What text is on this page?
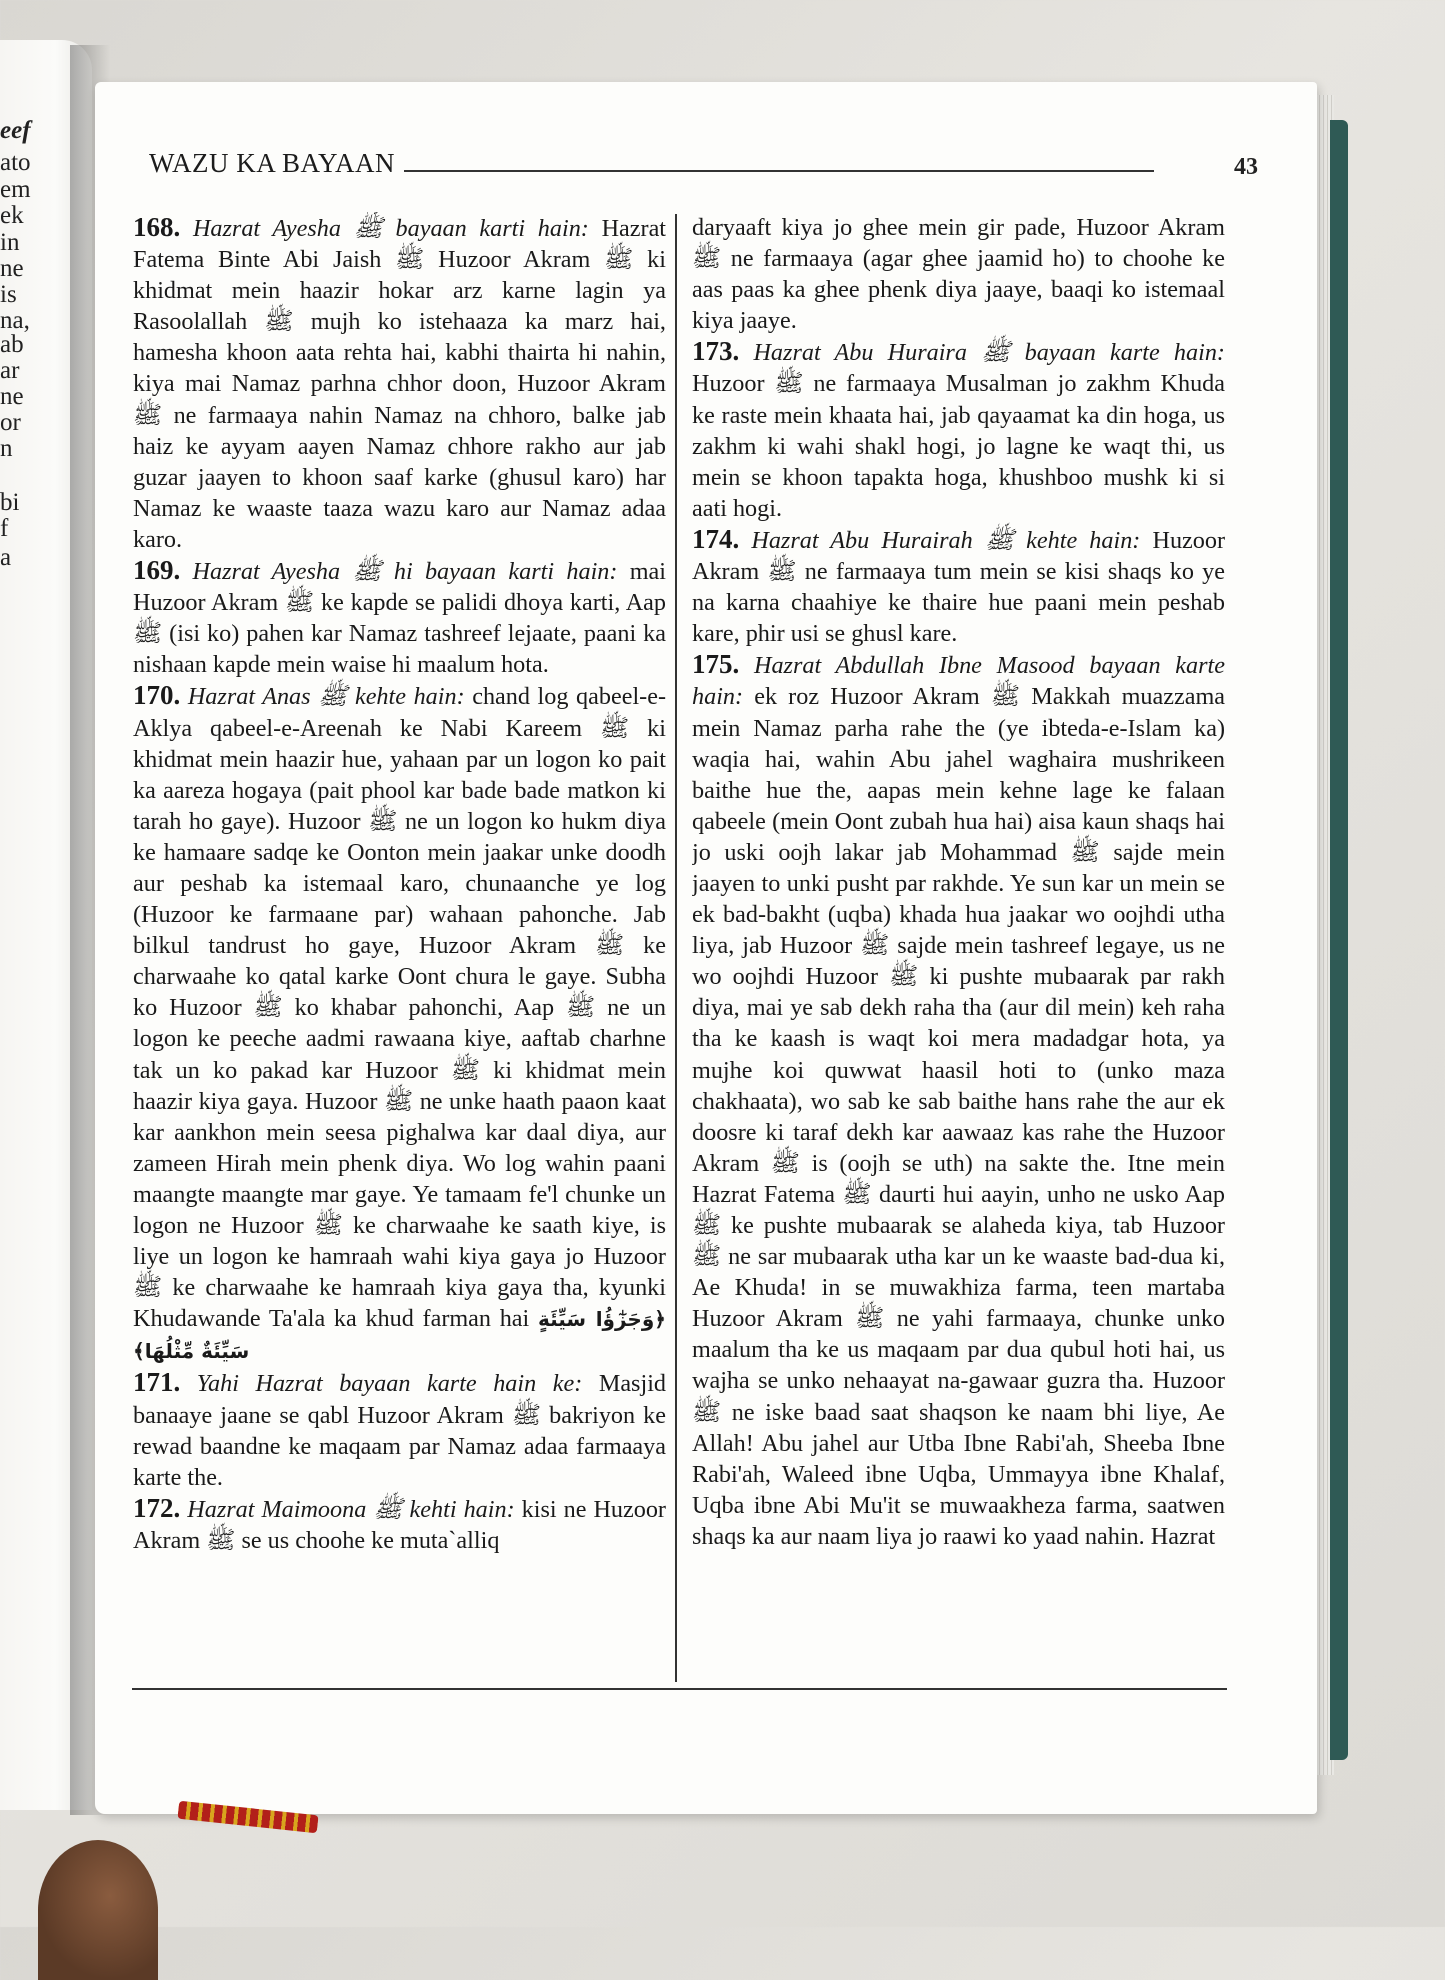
eef
ato
em
ek
in
ne
is
na,
ab
ar
ne
or
n
bi
f
a
WAZU KA BAYAAN	43

168. Hazrat Ayesha ﷺ bayaan karti hain: Hazrat Fatema Binte Abi Jaish ﷺ Huzoor Akram ﷺ ki khidmat mein haazir hokar arz karne lagin ya Rasoolallah ﷺ mujh ko istehaaza ka marz hai, hamesha khoon aata rehta hai, kabhi thairta hi nahin, kiya mai Namaz parhna chhor doon, Huzoor Akram ﷺ ne farmaaya nahin Namaz na chhoro, balke jab haiz ke ayyam aayen Namaz chhore rakho aur jab guzar jaayen to khoon saaf karke (ghusul karo) har Namaz ke waaste taaza wazu karo aur Namaz adaa karo.

169. Hazrat Ayesha ﷺ hi bayaan karti hain: mai Huzoor Akram ﷺ ke kapde se palidi dhoya karti, Aap ﷺ (isi ko) pahen kar Namaz tashreef lejaate, paani ka nishaan kapde mein waise hi maalum hota.

170. Hazrat Anas ﷺ kehte hain: chand log qabeel-e-Aklya qabeel-e-Areenah ke Nabi Kareem ﷺ ki khidmat mein haazir hue, yahaan par un logon ko pait ka aareza hogaya (pait phool kar bade bade matkon ki tarah ho gaye). Huzoor ﷺ ne un logon ko hukm diya ke hamaare sadqe ke Oonton mein jaakar unke doodh aur peshab ka istemaal karo, chunaanche ye log (Huzoor ke farmaane par) wahaan pahonche. Jab bilkul tandrust ho gaye, Huzoor Akram ﷺ ke charwaahe ko qatal karke Oont chura le gaye. Subha ko Huzoor ﷺ ko khabar pahonchi, Aap ﷺ ne un logon ke peeche aadmi rawaana kiye, aaftab charhne tak un ko pakad kar Huzoor ﷺ ki khidmat mein haazir kiya gaya. Huzoor ﷺ ne unke haath paaon kaat kar aankhon mein seesa pighalwa kar daal diya, aur zameen Hirah mein phenk diya. Wo log wahin paani maangte maangte mar gaye. Ye tamaam fe'l chunke un logon ne Huzoor ﷺ ke charwaahe ke saath kiye, is liye un logon ke hamraah wahi kiya gaya jo Huzoor ﷺ ke charwaahe ke hamraah kiya gaya tha, kyunki Khudawande Ta'ala ka khud farman hai ﴿وَجَزٰٓؤُا سَيِّئَةٍ سَيِّئَةٌ مِّثْلُهَا﴾

171. Yahi Hazrat bayaan karte hain ke: Masjid banaaye jaane se qabl Huzoor Akram ﷺ bakriyon ke rewad baandne ke maqaam par Namaz adaa farmaaya karte the.

172. Hazrat Maimoona ﷺ kehti hain: kisi ne Huzoor Akram ﷺ se us choohe ke muta`alliq

daryaaft kiya jo ghee mein gir pade, Huzoor Akram ﷺ ne farmaaya (agar ghee jaamid ho) to choohe ke aas paas ka ghee phenk diya jaaye, baaqi ko istemaal kiya jaaye.

173. Hazrat Abu Huraira ﷺ bayaan karte hain: Huzoor ﷺ ne farmaaya Musalman jo zakhm Khuda ke raste mein khaata hai, jab qayaamat ka din hoga, us zakhm ki wahi shakl hogi, jo lagne ke waqt thi, us mein se khoon tapakta hoga, khushboo mushk ki si aati hogi.

174. Hazrat Abu Hurairah ﷺ kehte hain: Huzoor Akram ﷺ ne farmaaya tum mein se kisi shaqs ko ye na karna chaahiye ke thaire hue paani mein peshab kare, phir usi se ghusl kare.

175. Hazrat Abdullah Ibne Masood bayaan karte hain: ek roz Huzoor Akram ﷺ Makkah muazzama mein Namaz parha rahe the (ye ibteda-e-Islam ka) waqia hai, wahin Abu jahel waghaira mushrikeen baithe hue the, aapas mein kehne lage ke falaan qabeele (mein Oont zubah hua hai) aisa kaun shaqs hai jo uski oojh lakar jab Mohammad ﷺ sajde mein jaayen to unki pusht par rakhde. Ye sun kar un mein se ek bad-bakht (uqba) khada hua jaakar wo oojhdi utha liya, jab Huzoor ﷺ sajde mein tashreef legaye, us ne wo oojhdi Huzoor ﷺ ki pushte mubaarak par rakh diya, mai ye sab dekh raha tha (aur dil mein) keh raha tha ke kaash is waqt koi mera madadgar hota, ya mujhe koi quwwat haasil hoti to (unko maza chakhaata), wo sab ke sab baithe hans rahe the aur ek doosre ki taraf dekh kar aawaaz kas rahe the Huzoor Akram ﷺ is (oojh se uth) na sakte the. Itne mein Hazrat Fatema ﷺ daurti hui aayin, unho ne usko Aap ﷺ ke pushte mubaarak se alaheda kiya, tab Huzoor ﷺ ne sar mubaarak utha kar un ke waaste bad-dua ki, Ae Khuda! in se muwakhiza farma, teen martaba Huzoor Akram ﷺ ne yahi farmaaya, chunke unko maalum tha ke us maqaam par dua qubul hoti hai, us wajha se unko nehaayat na-gawaar guzra tha. Huzoor ﷺ ne iske baad saat shaqson ke naam bhi liye, Ae Allah! Abu jahel aur Utba Ibne Rabi'ah, Sheeba Ibne Rabi'ah, Waleed ibne Uqba, Ummayya ibne Khalaf, Uqba ibne Abi Mu'it se muwaakheza farma, saatwen shaqs ka aur naam liya jo raawi ko yaad nahin. Hazrat
